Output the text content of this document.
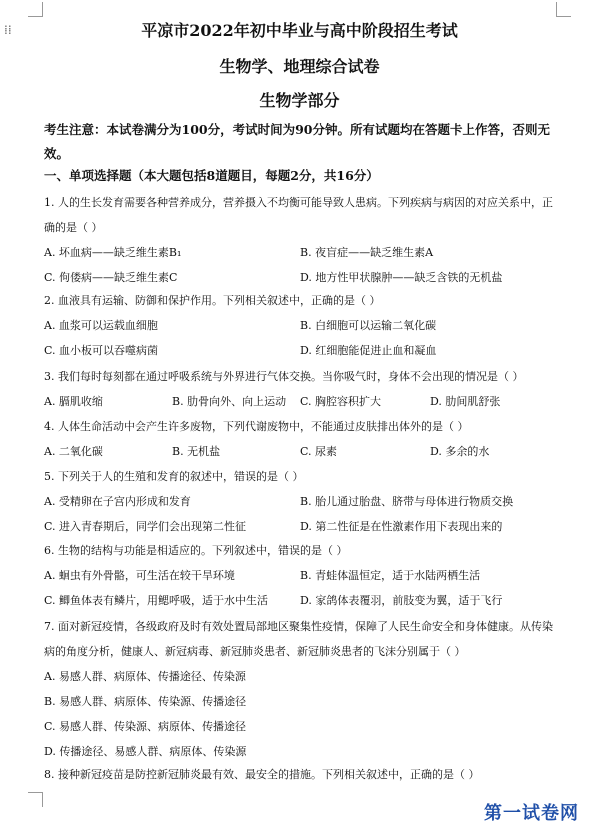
⁞⁞	平凉市2022年初中毕业与高中阶段招生考试
生物学、地理综合试卷
生物学部分
考生注意：本试卷满分为100分，考试时间为90分钟。所有试题均在答题卡上作答，否则无效。
一、单项选择题（本大题包括8道题目，每题2分，共16分）
1. 人的生长发育需要各种营养成分，营养摄入不均衡可能导致人患病。下列疾病与病因的对应关系中，正
确的是（ ）
A. 坏血病——缺乏维生素B₁	B. 夜盲症——缺乏维生素A
C. 佝偻病——缺乏维生素C	D. 地方性甲状腺肿——缺乏含铁的无机盐
2. 血液具有运输、防御和保护作用。下列相关叙述中，正确的是（ ）
A. 血浆可以运载血细胞	B. 白细胞可以运输二氧化碳
C. 血小板可以吞噬病菌	D. 红细胞能促进止血和凝血
3. 我们每时每刻都在通过呼吸系统与外界进行气体交换。当你吸气时，身体不会出现的情况是（ ）
A. 膈肌收缩	B. 肋骨向外、向上运动 C. 胸腔容积扩大	D. 肋间肌舒张
4. 人体生命活动中会产生许多废物，下列代谢废物中，不能通过皮肤排出体外的是（ ）
A. 二氧化碳	B. 无机盐	C. 尿素	D. 多余的水
5. 下列关于人的生殖和发育的叙述中，错误的是（ ）
A. 受精卵在子宫内形成和发育	B. 胎儿通过胎盘、脐带与母体进行物质交换
C. 进入青春期后，同学们会出现第二性征	D. 第二性征是在性激素作用下表现出来的
6. 生物的结构与功能是相适应的。下列叙述中，错误的是（ ）
A. 蛔虫有外骨骼，可生活在较干旱环境	B. 青蛙体温恒定，适于水陆两栖生活
C. 鲫鱼体表有鳞片，用鳃呼吸，适于水中生活	D. 家鸽体表覆羽，前肢变为翼，适于飞行
7. 面对新冠疫情，各级政府及时有效处置局部地区聚集性疫情，保障了人民生命安全和身体健康。从传染
病的角度分析，健康人、新冠病毒、新冠肺炎患者、新冠肺炎患者的飞沫分别属于（ ）
A. 易感人群、病原体、传播途径、传染源
B. 易感人群、病原体、传染源、传播途径
C. 易感人群、传染源、病原体、传播途径
D. 传播途径、易感人群、病原体、传染源
8. 接种新冠疫苗是防控新冠肺炎最有效、最安全的措施。下列相关叙述中，正确的是（ ）
第一试卷网
